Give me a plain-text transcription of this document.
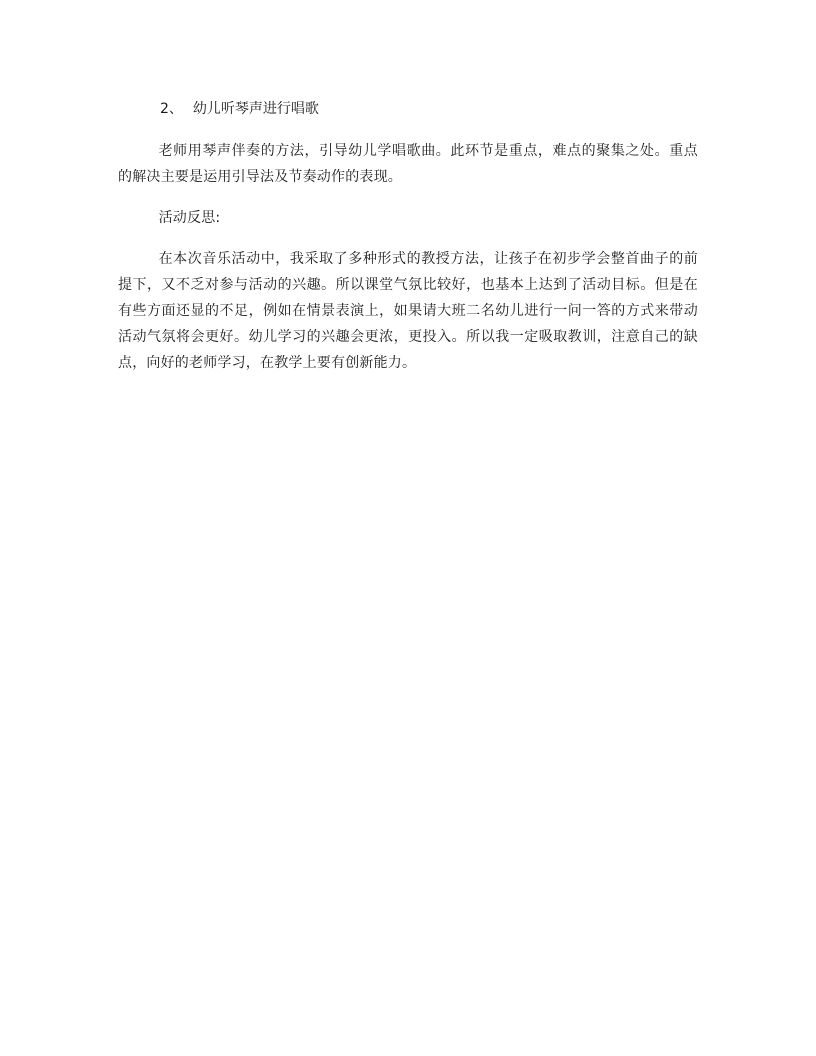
2、 幼儿听琴声进行唱歌

老师用琴声伴奏的方法，引导幼儿学唱歌曲。此环节是重点，难点的聚集之处。重点的解决主要是运用引导法及节奏动作的表现。

活动反思:

在本次音乐活动中，我采取了多种形式的教授方法，让孩子在初步学会整首曲子的前提下，又不乏对参与活动的兴趣。所以课堂气氛比较好，也基本上达到了活动目标。但是在有些方面还显的不足，例如在情景表演上，如果请大班二名幼儿进行一问一答的方式来带动活动气氛将会更好。幼儿学习的兴趣会更浓，更投入。所以我一定吸取教训，注意自己的缺点，向好的老师学习，在教学上要有创新能力。
